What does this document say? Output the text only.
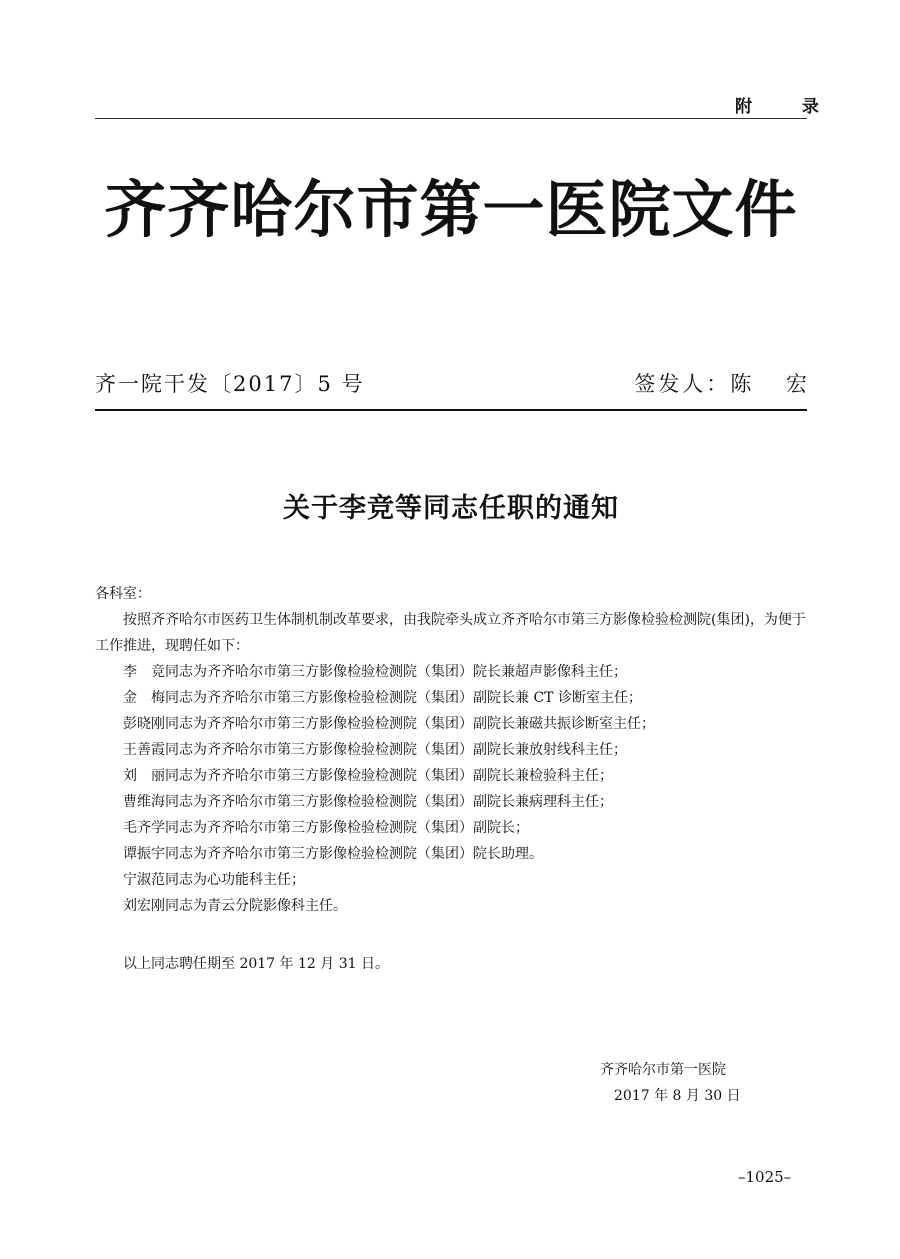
附 录
齐齐哈尔市第一医院文件
齐一院干发〔2017〕5 号	签发人：陈 宏
关于李竞等同志任职的通知
各科室：
按照齐齐哈尔市医药卫生体制机制改革要求，由我院牵头成立齐齐哈尔市第三方影像检验检测院(集团)，为便于工作推进，现聘任如下：
李　竞同志为齐齐哈尔市第三方影像检验检测院（集团）院长兼超声影像科主任；
金　梅同志为齐齐哈尔市第三方影像检验检测院（集团）副院长兼 CT 诊断室主任；
彭晓刚同志为齐齐哈尔市第三方影像检验检测院（集团）副院长兼磁共振诊断室主任；
王善霞同志为齐齐哈尔市第三方影像检验检测院（集团）副院长兼放射线科主任；
刘　丽同志为齐齐哈尔市第三方影像检验检测院（集团）副院长兼检验科主任；
曹维海同志为齐齐哈尔市第三方影像检验检测院（集团）副院长兼病理科主任；
毛齐学同志为齐齐哈尔市第三方影像检验检测院（集团）副院长；
谭振宇同志为齐齐哈尔市第三方影像检验检测院（集团）院长助理。
宁淑范同志为心功能科主任；
刘宏刚同志为青云分院影像科主任。
以上同志聘任期至 2017 年 12 月 31 日。
齐齐哈尔市第一医院
2017 年 8 月 30 日
–1025–
